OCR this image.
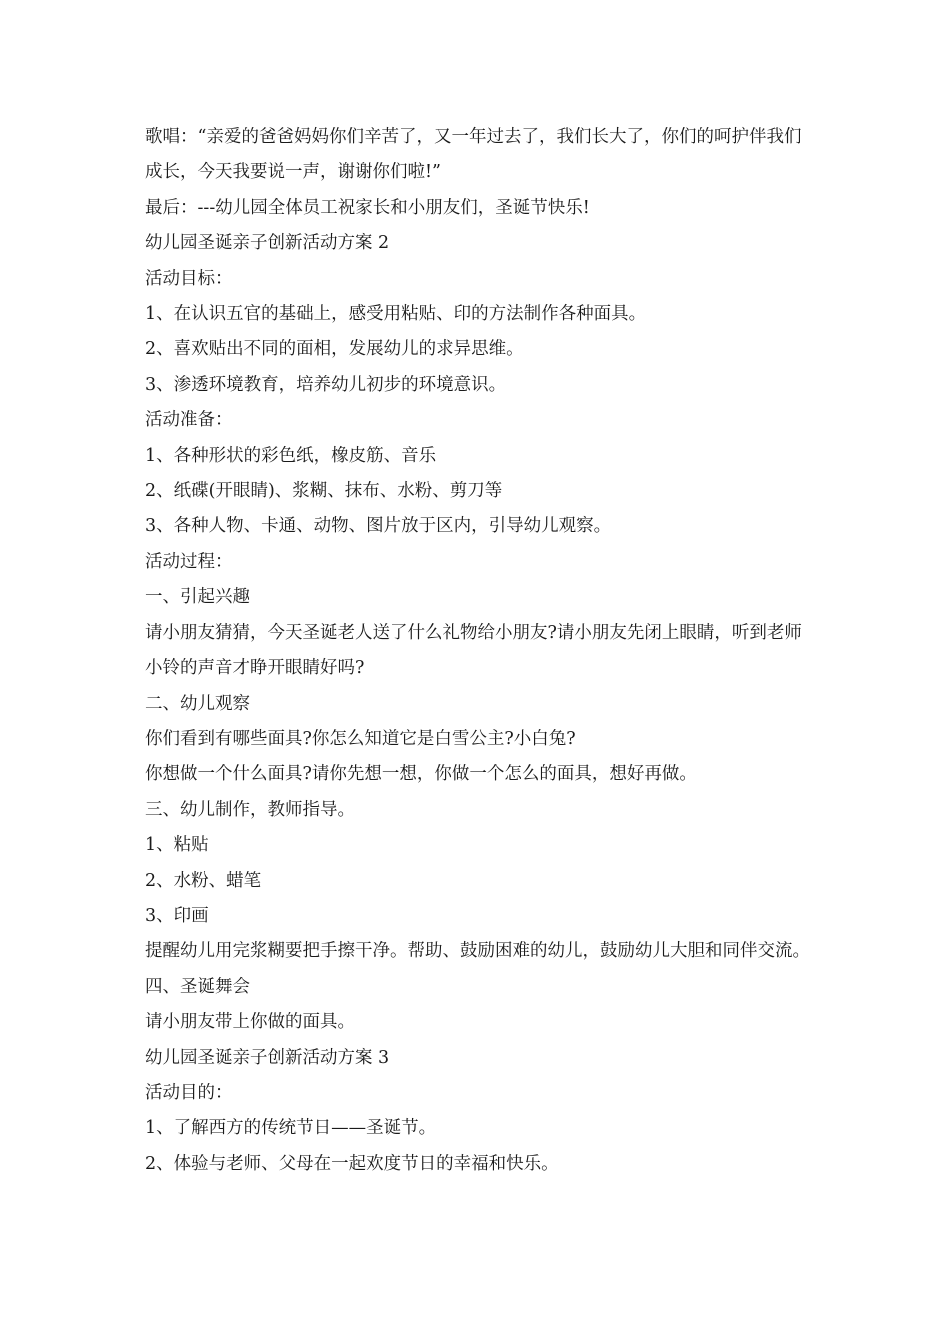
歌唱：“亲爱的爸爸妈妈你们辛苦了，又一年过去了，我们长大了，你们的呵护伴我们成长，今天我要说一声，谢谢你们啦!”

最后：---幼儿园全体员工祝家长和小朋友们，圣诞节快乐!

幼儿园圣诞亲子创新活动方案 2

活动目标：

1、在认识五官的基础上，感受用粘贴、印的方法制作各种面具。

2、喜欢贴出不同的面相，发展幼儿的求异思维。

3、渗透环境教育，培养幼儿初步的环境意识。

活动准备：

1、各种形状的彩色纸，橡皮筋、音乐

2、纸碟(开眼睛)、浆糊、抹布、水粉、剪刀等

3、各种人物、卡通、动物、图片放于区内，引导幼儿观察。

活动过程：

一、引起兴趣

请小朋友猜猜，今天圣诞老人送了什么礼物给小朋友?请小朋友先闭上眼睛，听到老师小铃的声音才睁开眼睛好吗?

二、幼儿观察

你们看到有哪些面具?你怎么知道它是白雪公主?小白兔?

你想做一个什么面具?请你先想一想，你做一个怎么的面具，想好再做。

三、幼儿制作，教师指导。

1、粘贴

2、水粉、蜡笔

3、印画

提醒幼儿用完浆糊要把手擦干净。帮助、鼓励困难的幼儿，鼓励幼儿大胆和同伴交流。

四、圣诞舞会

请小朋友带上你做的面具。

幼儿园圣诞亲子创新活动方案 3

活动目的：

1、了解西方的传统节日——圣诞节。

2、体验与老师、父母在一起欢度节日的幸福和快乐。
